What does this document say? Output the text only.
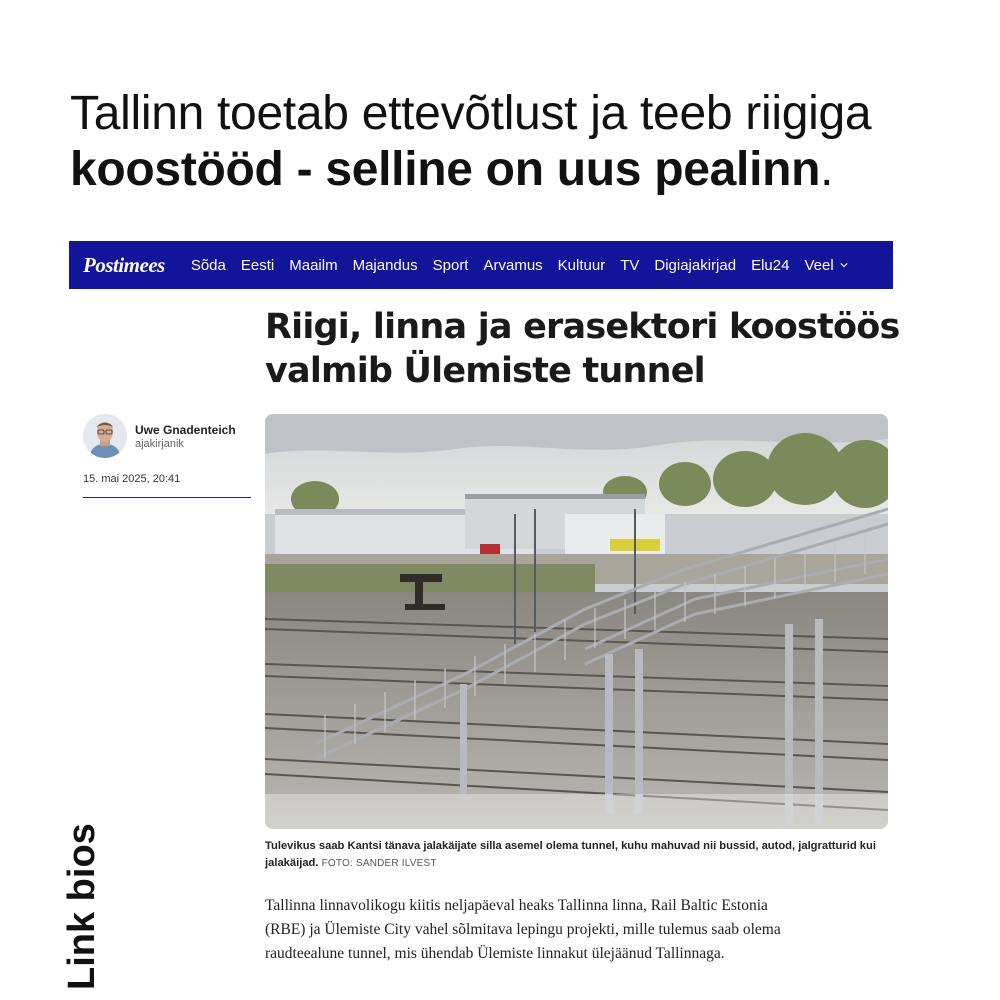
Tallinn toetab ettevõtlust ja teeb riigiga
koostööd - selline on uus pealinn.
Postimees Sõda Eesti Maailm Majandus Sport Arvamus Kultuur TV Digiajakirjad Elu24 Veel
Riigi, linna ja erasektori koostöös valmib Ülemiste tunnel
Uwe Gnadenteich
ajakirjanik
15. mai 2025, 20:41

Tulevikus saab Kantsi tänava jalakäijate silla asemel olema tunnel, kuhu mahuvad nii bussid, autod, jalgratturid kui jalakäijad. FOTO: SANDER ILVEST

Tallinna linnavolikogu kiitis neljapäeval heaks Tallinna linna, Rail Baltic Estonia (RBE) ja Ülemiste City vahel sõlmitava lepingu projekti, mille tulemus saab olema raudteealune tunnel, mis ühendab Ülemiste linnakut ülejäänud Tallinnaga.

Link bios
